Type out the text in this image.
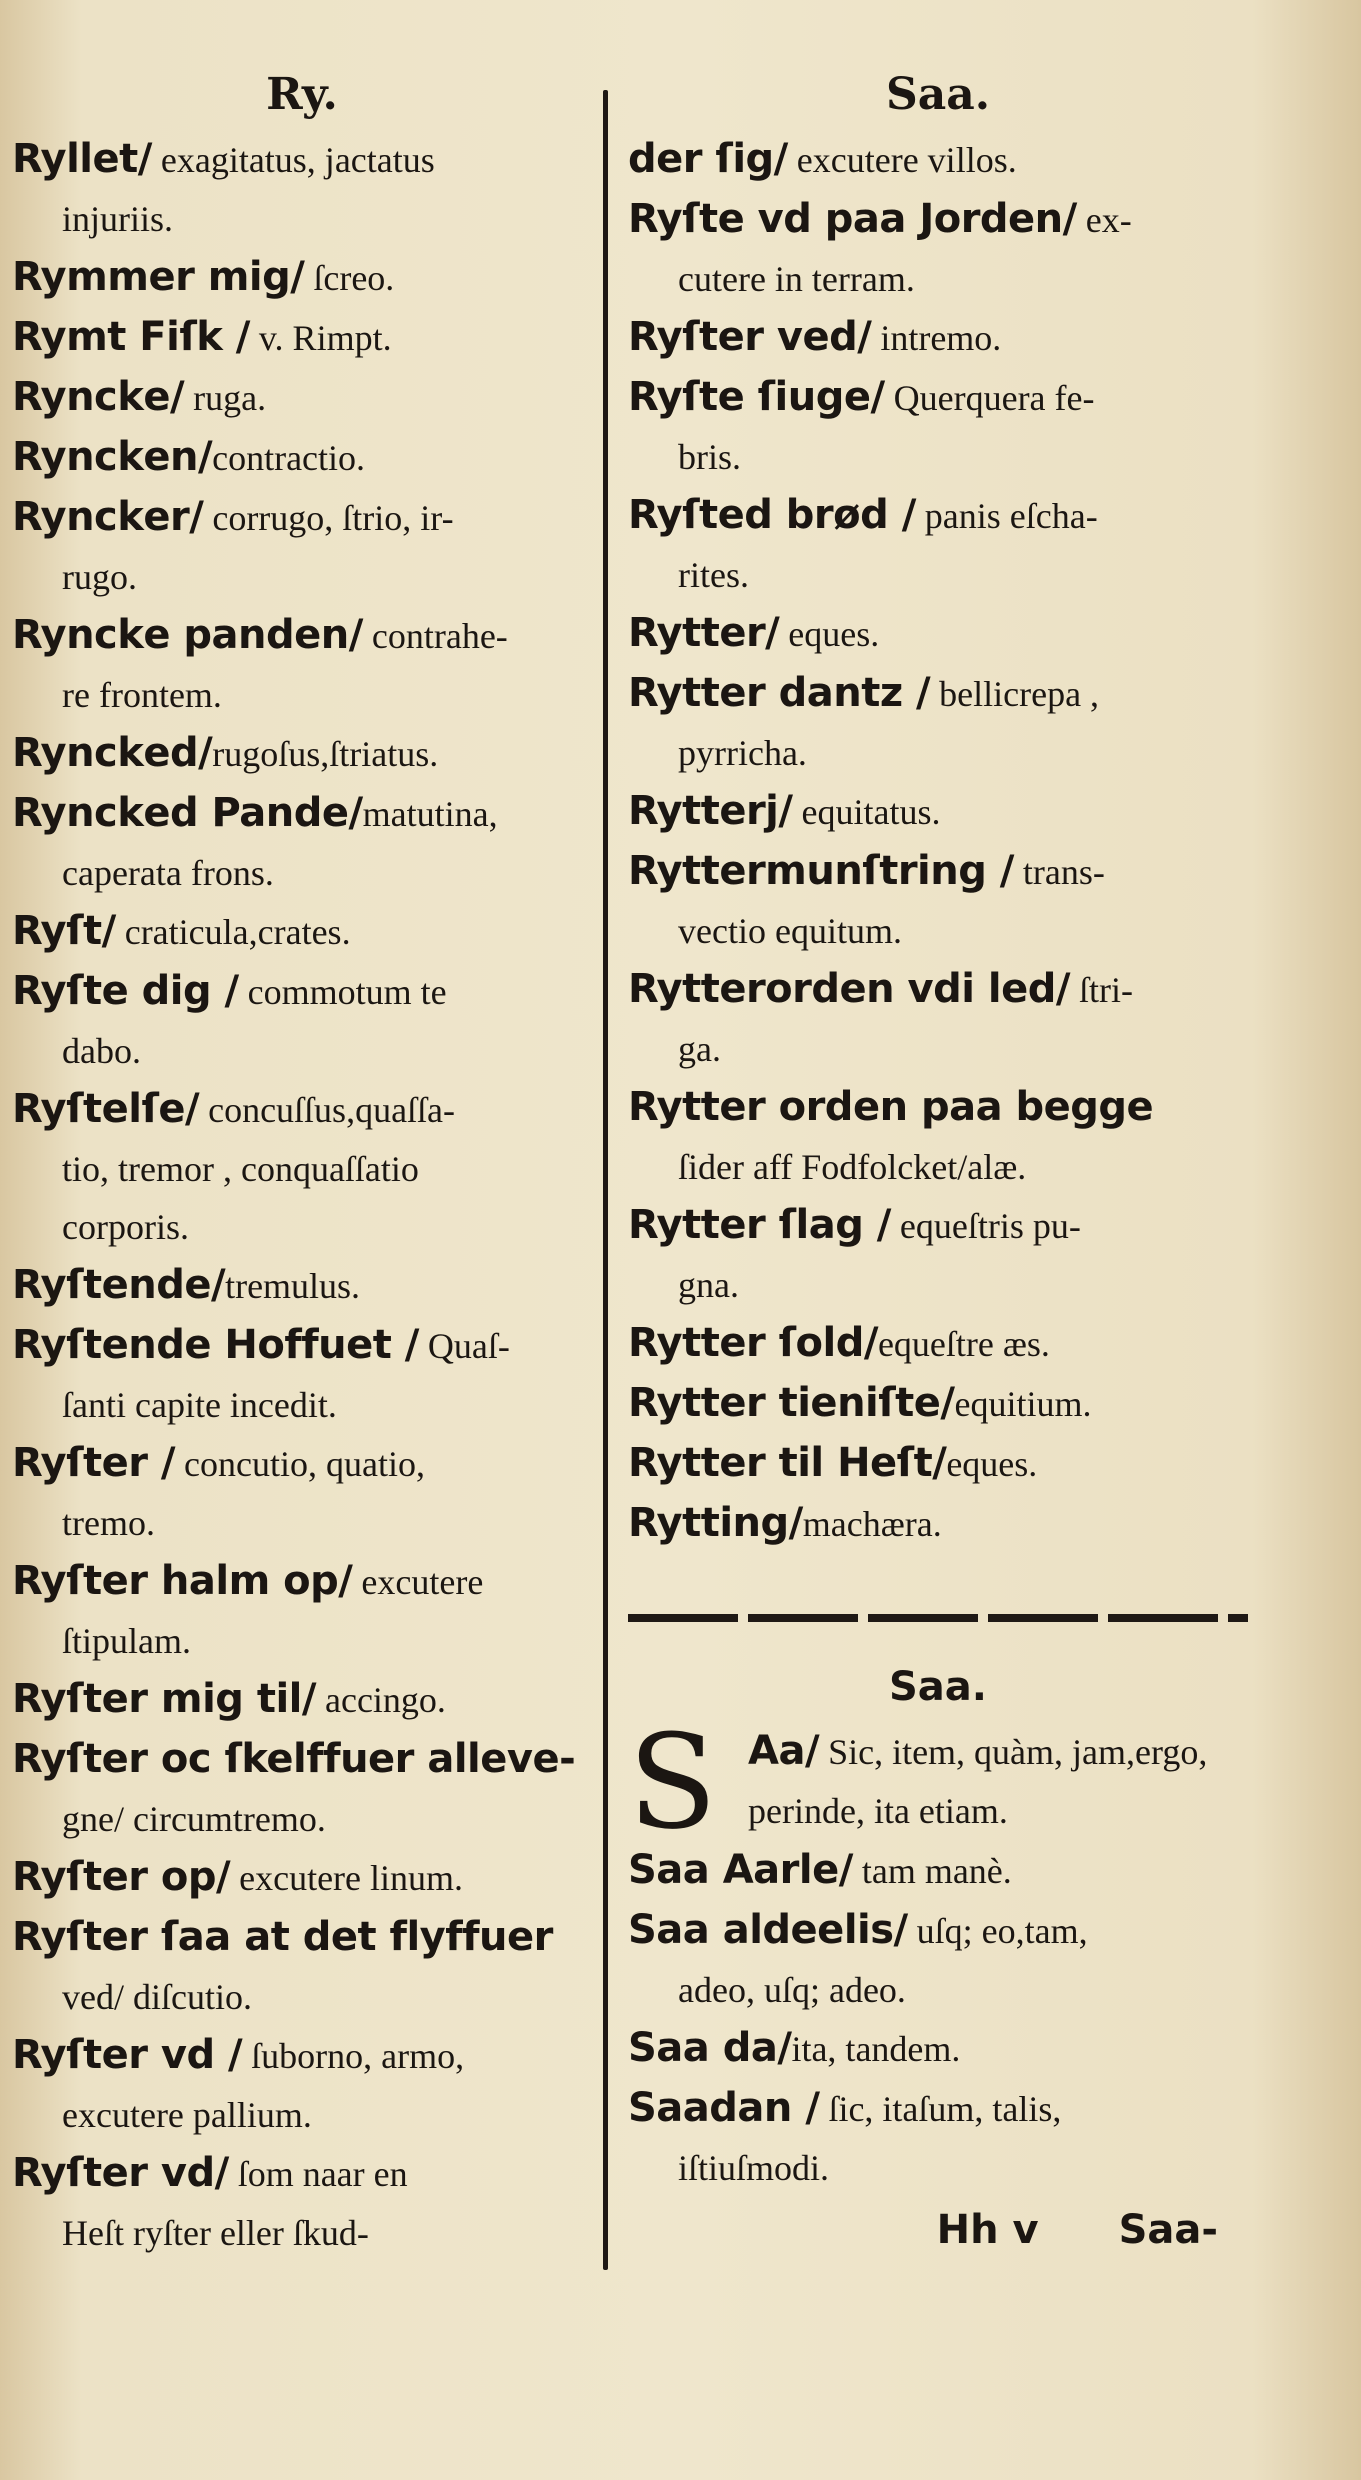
Ry.

Ryllet/ exagitatus, jactatus
injuriis.

Rymmer mig/ ſcreo.

Rymt Fiſk / v. Rimpt.

Rynckе/ ruga.

Rynckеn/contractio.

Rynckеr/ corrugo, ſtrio, ir-
rugo.

Rynckе panden/ contrahe-
re frontem.

Rynckеd/rugoſus,ſtriatus.

Rynckеd Pande/matutina,
caperata frons.

Ryſt/ craticula,crates.

Ryſte dig / commotum te
dabo.

Ryſtelſe/ concuſſus,quaſſa-
tio, tremor , conquaſſatio
corporis.

Ryſtende/tremulus.

Ryſtende Hoffuet / Quaſ-
ſanti capite incedit.

Ryſter / concutio, quatio,
tremo.

Ryſter halm op/ excutere
ſtipulam.

Ryſter mig til/ accingo.

Ryſter oc ſkelffuer alleve-
gne/ circumtremo.

Ryſter op/ excutere linum.

Ryſter ſaa at det flyffuer
ved/ diſcutio.

Ryſter vd / ſuborno, armo,
excutere pallium.

Ryſter vd/ ſom naar en
Heſt ryſter eller ſkud-

Saa.

der ſig/ excutere villos.

Ryſte vd paa Jorden/ ex-
cutere in terram.

Ryſter ved/ intremo.

Ryſte ſiuge/ Querquera fe-
bris.

Ryſted brød / panis eſcha-
rites.

Rytter/ eques.

Rytter dantz / bellicrepa ,
pyrricha.

Rytterj/ equitatus.

Ryttermunſtring / trans-
vectio equitum.

Rytterorden vdi led/ ſtri-
ga.

Rytter orden paa begge
ſider aff Fodfolcket/alæ.

Rytter ſlag / equeſtris pu-
gna.

Rytter ſold/equeſtre æs.

Rytter tieniſte/equitium.

Rytter til Heſt/eques.

Rytting/machæra.

Saa.
S Aa/ Sic, item, quàm, jam,ergo, perinde, ita etiam.

Saa Aarle/ tam manè.

Saa aldeelis/ uſq; eo,tam,
adeo, uſq; adeo.

Saa da/ita, tandem.

Saadan / ſic, itaſum, talis,
iſtiuſmodi.

Hh v Saa-
